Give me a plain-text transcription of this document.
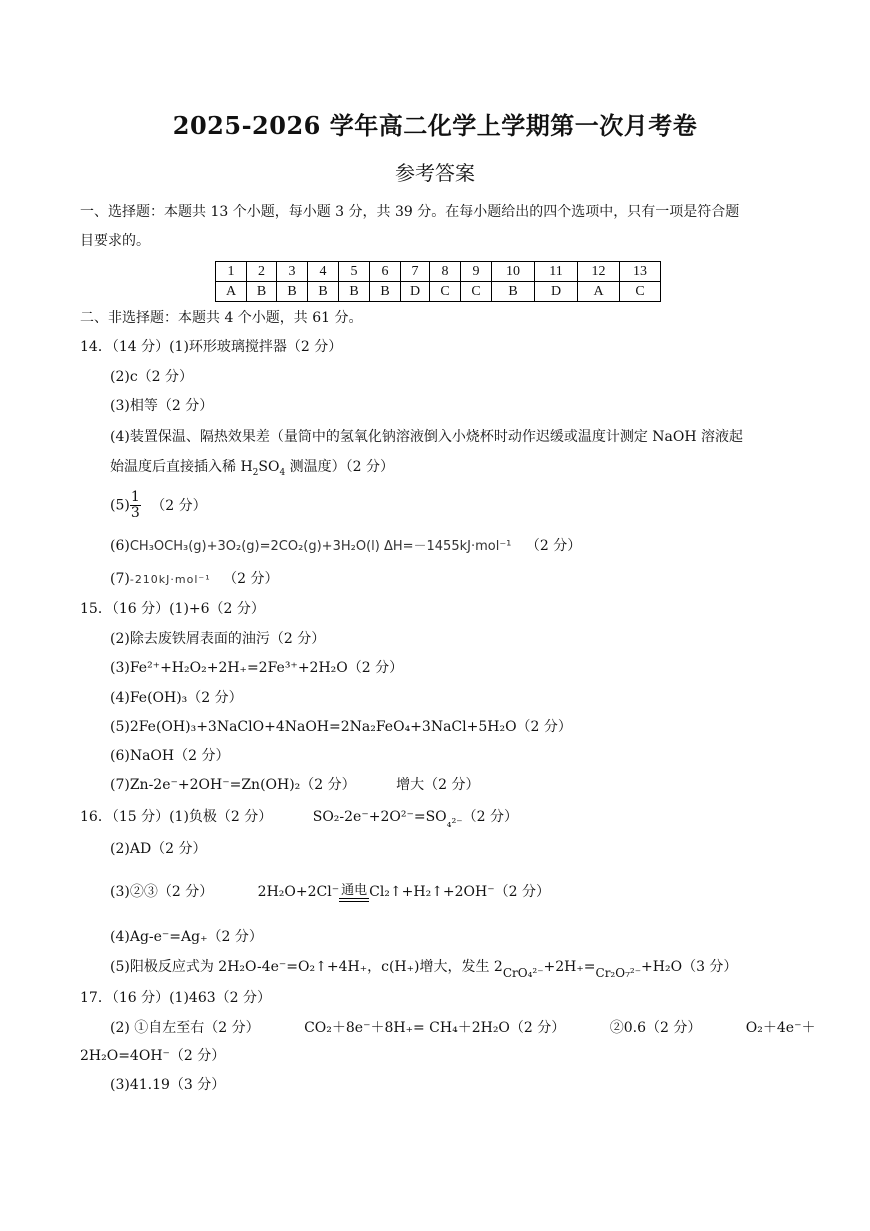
2025-2026 学年高二化学上学期第一次月考卷
参考答案
一、选择题：本题共 13 个小题，每小题 3 分，共 39 分。在每小题给出的四个选项中，只有一项是符合题
目要求的。
1	2	3	4	5	6	7	8	9	10	11	12	13
A	B	B	B	B	B	D	C	C	B	D	A	C
二、非选择题：本题共 4 个小题，共 61 分。
14．（14 分）(1)环形玻璃搅拌器（2 分）
(2)c（2 分）
(3)相等（2 分）
(4)装置保温、隔热效果差（量筒中的氢氧化钠溶液倒入小烧杯时动作迟缓或温度计测定 NaOH 溶液起
始温度后直接插入稀 $H_2SO_4$ 测温度）（2 分）
$(5) \frac{1}{3} (2$ 分）
(6)CH₃OCH₃(g)+3O₂(g)=2CO₂(g)+3H₂O(l) ΔH=－1455kJ·mol⁻¹ （2 分）
(7)-210kJ·mol⁻¹ （2 分）
15．（16 分）(1)+6（2 分）
(2)除去废铁屑表面的油污（2 分）
(3)Fe²⁺+H₂O₂+2H₊=2Fe³⁺+2H₂O（2 分）
(4)Fe(OH)₃（2 分）
(5)2Fe(OH)₃+3NaClO+4NaOH=2Na₂FeO₄+3NaCl+5H₂O（2 分）
(6)NaOH（2 分）
(7)Zn-2e⁻+2OH⁻=Zn(OH)₂（2 分）	增大（2 分）
16．（15 分）(1)负极（2 分）	SO₂-2e⁻+2O²⁻=SO₄²⁻（2 分）
(2)AD（2 分）
(3)②③（2 分）	2H₂O+2Cl⁻ 通电 Cl₂↑+H₂↑+2OH⁻（2 分）
(4)Ag-e⁻=Ag₊（2 分）
(5)阳极反应式为 2H₂O-4e⁻=O₂↑+4H₊，c(H₊)增大，发生 2CrO₄²⁻+2H₊=Cr₂O₇²⁻+H₂O（3 分）
17．（16 分）(1)463（2 分）
(2) ①自左至右（2 分）	CO₂＋8e⁻＋8H₊= CH₄＋2H₂O（2 分）	②0.6（2 分）	O₂＋4e⁻＋
2H₂O=4OH⁻（2 分）
(3)41.19（3 分）
